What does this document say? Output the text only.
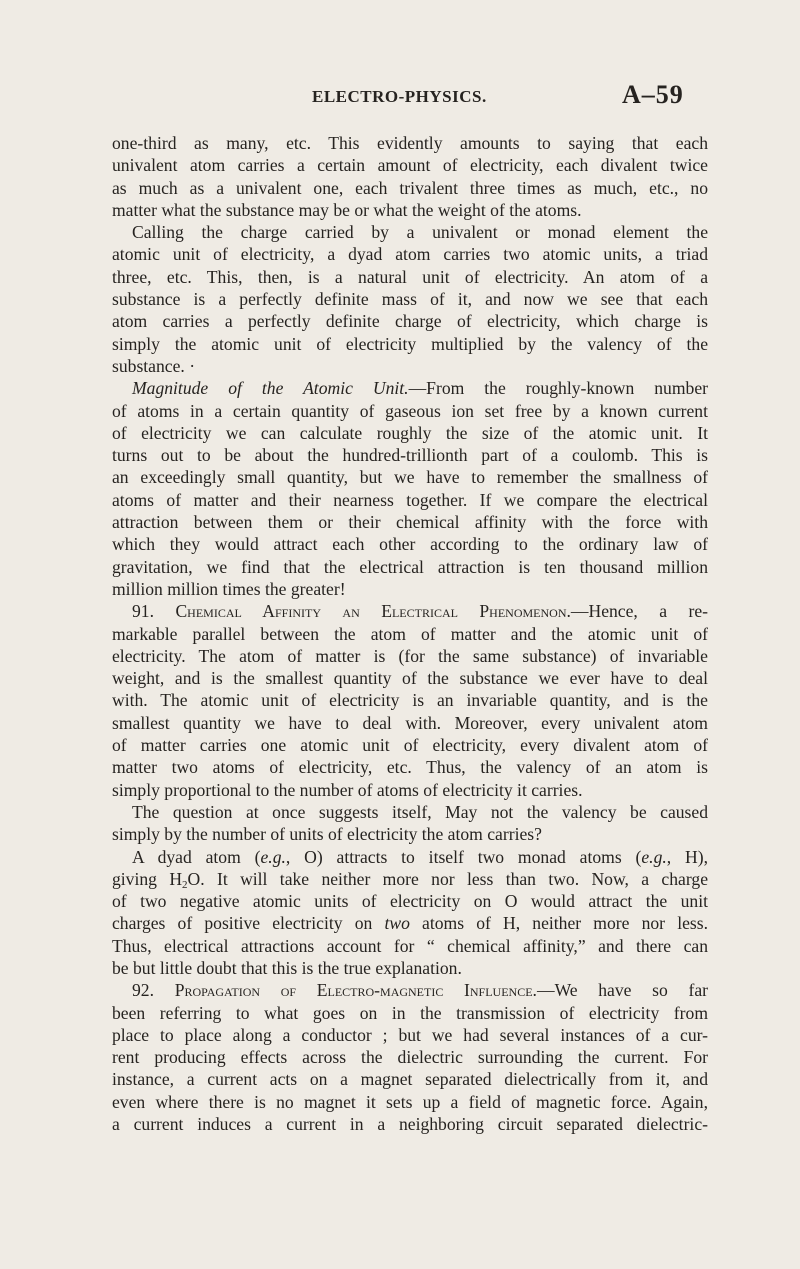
ELECTRO-PHYSICS.	A–59
one-third as many, etc. This evidently amounts to saying that each
univalent atom carries a certain amount of electricity, each divalent twice
as much as a univalent one, each trivalent three times as much, etc., no
matter what the substance may be or what the weight of the atoms.
Calling the charge carried by a univalent or monad element the
atomic unit of electricity, a dyad atom carries two atomic units, a triad
three, etc. This, then, is a natural unit of electricity. An atom of a
substance is a perfectly definite mass of it, and now we see that each
atom carries a perfectly definite charge of electricity, which charge is
simply the atomic unit of electricity multiplied by the valency of the
substance. ·
Magnitude of the Atomic Unit.—From the roughly-known number
of atoms in a certain quantity of gaseous ion set free by a known current
of electricity we can calculate roughly the size of the atomic unit. It
turns out to be about the hundred-trillionth part of a coulomb. This is
an exceedingly small quantity, but we have to remember the smallness of
atoms of matter and their nearness together. If we compare the electrical
attraction between them or their chemical affinity with the force with
which they would attract each other according to the ordinary law of
gravitation, we find that the electrical attraction is ten thousand million
million million times the greater!
91. Chemical Affinity an Electrical Phenomenon.—Hence, a re-
markable parallel between the atom of matter and the atomic unit of
electricity. The atom of matter is (for the same substance) of invariable
weight, and is the smallest quantity of the substance we ever have to deal
with. The atomic unit of electricity is an invariable quantity, and is the
smallest quantity we have to deal with. Moreover, every univalent atom
of matter carries one atomic unit of electricity, every divalent atom of
matter two atoms of electricity, etc. Thus, the valency of an atom is
simply proportional to the number of atoms of electricity it carries.
The question at once suggests itself, May not the valency be caused
simply by the number of units of electricity the atom carries?
A dyad atom (e.g., O) attracts to itself two monad atoms (e.g., H),
giving $H_2O$. It will take neither more nor less than two. Now, a charge
of two negative atomic units of electricity on O would attract the unit
charges of positive electricity on two atoms of H, neither more nor less.
Thus, electrical attractions account for “ chemical affinity,” and there can
be but little doubt that this is the true explanation.
92. Propagation of Electro-magnetic Influence.—We have so far
been referring to what goes on in the transmission of electricity from
place to place along a conductor ; but we had several instances of a cur-
rent producing effects across the dielectric surrounding the current. For
instance, a current acts on a magnet separated dielectrically from it, and
even where there is no magnet it sets up a field of magnetic force. Again,
a current induces a current in a neighboring circuit separated dielectric-
